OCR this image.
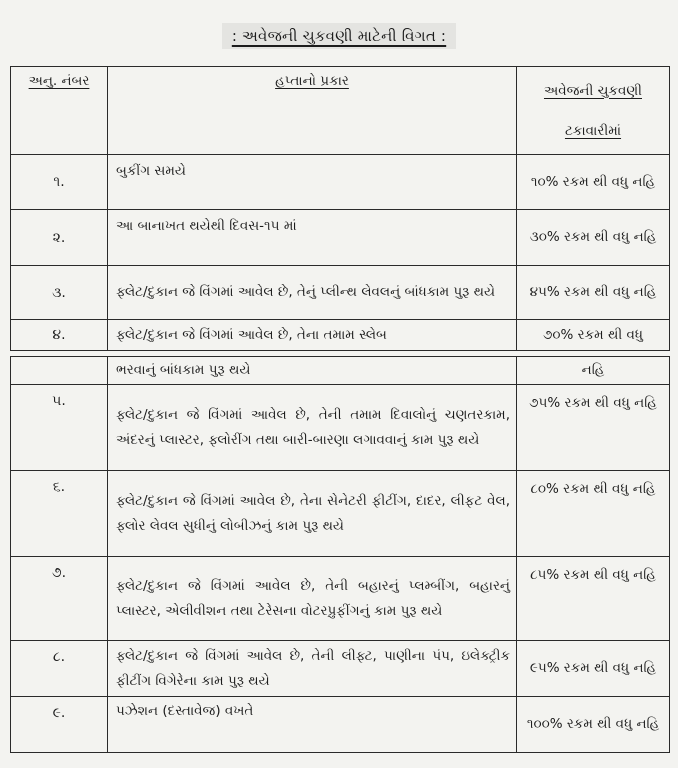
: અવેજની ચુકવણી માટેની વિગત :
અનુ. નંબર	હપ્તાનો પ્રકાર	અવેજની ચુકવણી
ટકાવારીમાં

૧.	બુકીંગ સમયે	૧૦% રકમ થી વધુ નહિ

૨.	આ બાનાખત થયેથી દિવસ-૧૫ માં	૩૦% રકમ થી વધુ નહિ

૩.	ફ્લેટ/દુકાન જે વિંગમાં આવેલ છે, તેનું પ્લીન્થ લેવલનું બાંધકામ પુરૂ થયે	૪૫% રકમ થી વધુ નહિ

૪.	ફ્લેટ/દુકાન જે વિંગમાં આવેલ છે, તેના તમામ સ્લેબ	૭૦% રકમ થી વધુ

	ભરવાનું બાંધકામ પુરૂ થયે	નહિ

૫.	ફ્લેટ/દુકાન જે વિંગમાં આવેલ છે, તેની તમામ દિવાલોનું ચણતરકામ, અંદરનું પ્લાસ્ટર, ફ્લોરીંગ તથા બારી-બારણા લગાવવાનું કામ પુરૂ થયે	૭૫% રકમ થી વધુ નહિ

૬.	ફ્લેટ/દુકાન જે વિંગમાં આવેલ છે, તેના સેનેટરી ફીટીંગ, દાદર, લીફટ વેલ, ફ્લોર લેવલ સુધીનું લોબીઝનું કામ પુરૂ થયે	૮૦% રકમ થી વધુ નહિ

૭.	ફ્લેટ/દુકાન જે વિંગમાં આવેલ છે, તેની બહારનું પ્લમ્બીંગ, બહારનું પ્લાસ્ટર, એલીવીશન તથા ટેરેસના વોટરપ્રુફીંગનું કામ પુરૂ થયે	૮૫% રકમ થી વધુ નહિ

૮.	ફ્લેટ/દુકાન જે વિંગમાં આવેલ છે, તેની લીફ્ટ, પાણીના પંપ, ઇલેક્ટ્રીક ફીટીંગ વિગેરેના કામ પુરૂ થયે	૯૫% રકમ થી વધુ નહિ

૯.	પઝેશન (દસ્તાવેજ) વખતે	૧૦૦% રકમ થી વધુ નહિ
